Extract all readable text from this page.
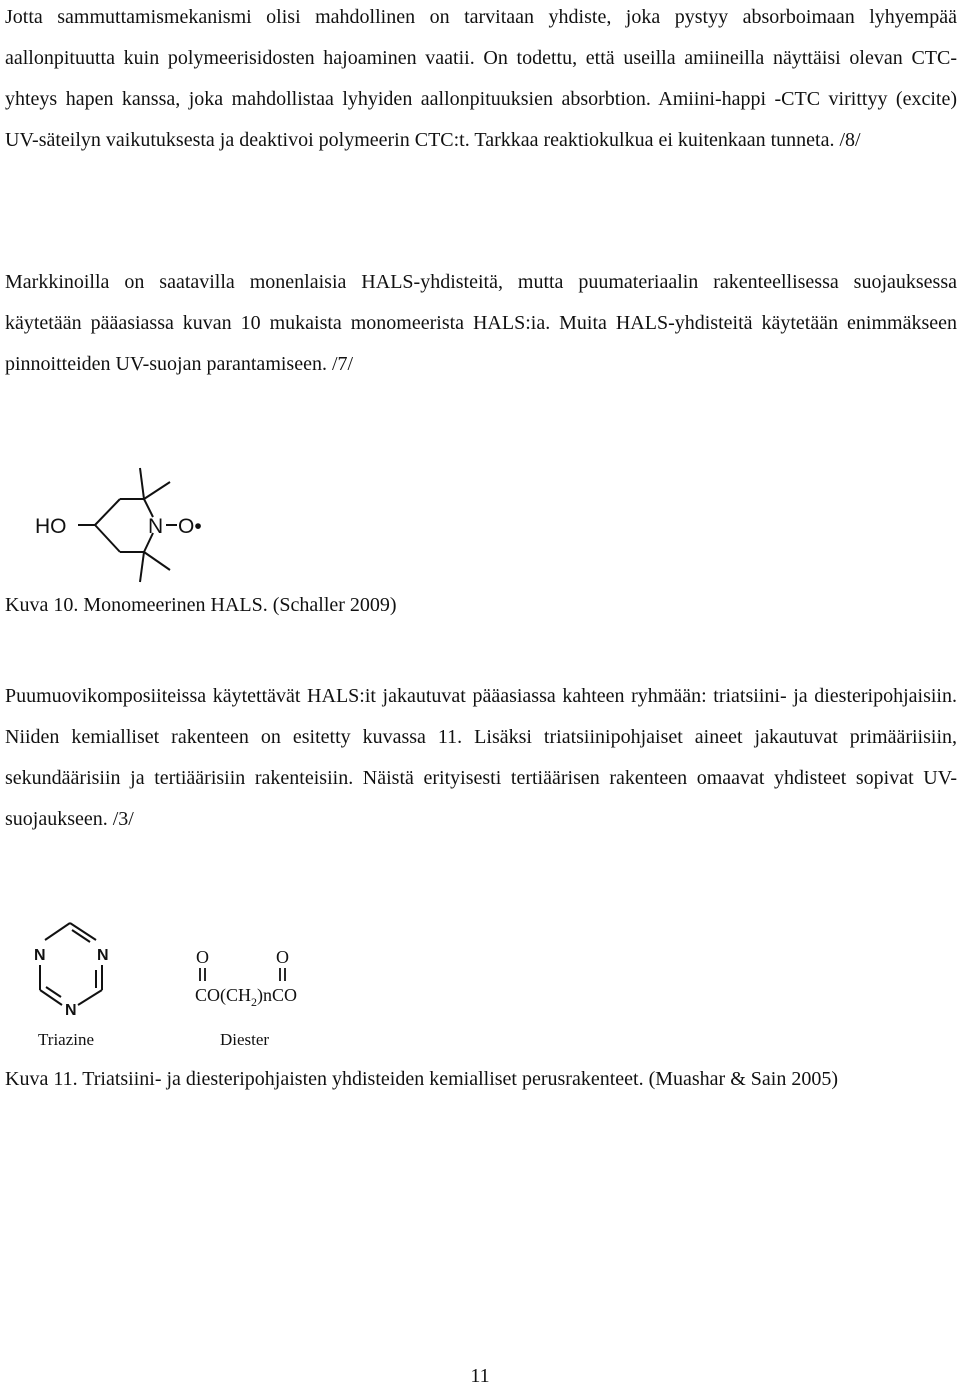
Jotta sammuttamismekanismi olisi mahdollinen on tarvitaan yhdiste, joka pystyy absorboimaan lyhyempää aallonpituutta kuin polymeerisidosten hajoaminen vaatii. On todettu, että useilla amiineilla näyttäisi olevan CTC-yhteys hapen kanssa, joka mahdollistaa lyhyiden aallonpituuksien absorbtion. Amiini-happi -CTC virittyy (excite) UV-säteilyn vaikutuksesta ja deaktivoi polymeerin CTC:t. Tarkkaa reaktiokulkua ei kuitenkaan tunneta. /8/

Markkinoilla on saatavilla monenlaisia HALS-yhdisteitä, mutta puumateriaalin rakenteellisessa suojauksessa käytetään pääasiassa kuvan 10 mukaista monomeerista HALS:ia. Muita HALS-yhdisteitä käytetään enimmäkseen pinnoitteiden UV-suojan parantamiseen. /7/

HO	N O•

Kuva 10. Monomeerinen HALS. (Schaller 2009)

Puumuovikomposiiteissa käytettävät HALS:it jakautuvat pääasiassa kahteen ryhmään: triatsiini- ja diesteripohjaisiin. Niiden kemialliset rakenteen on esitetty kuvassa 11. Lisäksi triatsiinipohjaiset aineet jakautuvat primääriisiin, sekundäärisiin ja tertiäärisiin rakenteisiin. Näistä erityisesti tertiäärisen rakenteen omaavat yhdisteet sopivat UV-suojaukseen. /3/

N	N
N
Triazine
O	O
$CO(CH_2)nCO$
Diester

Kuva 11. Triatsiini- ja diesteripohjaisten yhdisteiden kemialliset perusrakenteet. (Muashar & Sain 2005)

11
